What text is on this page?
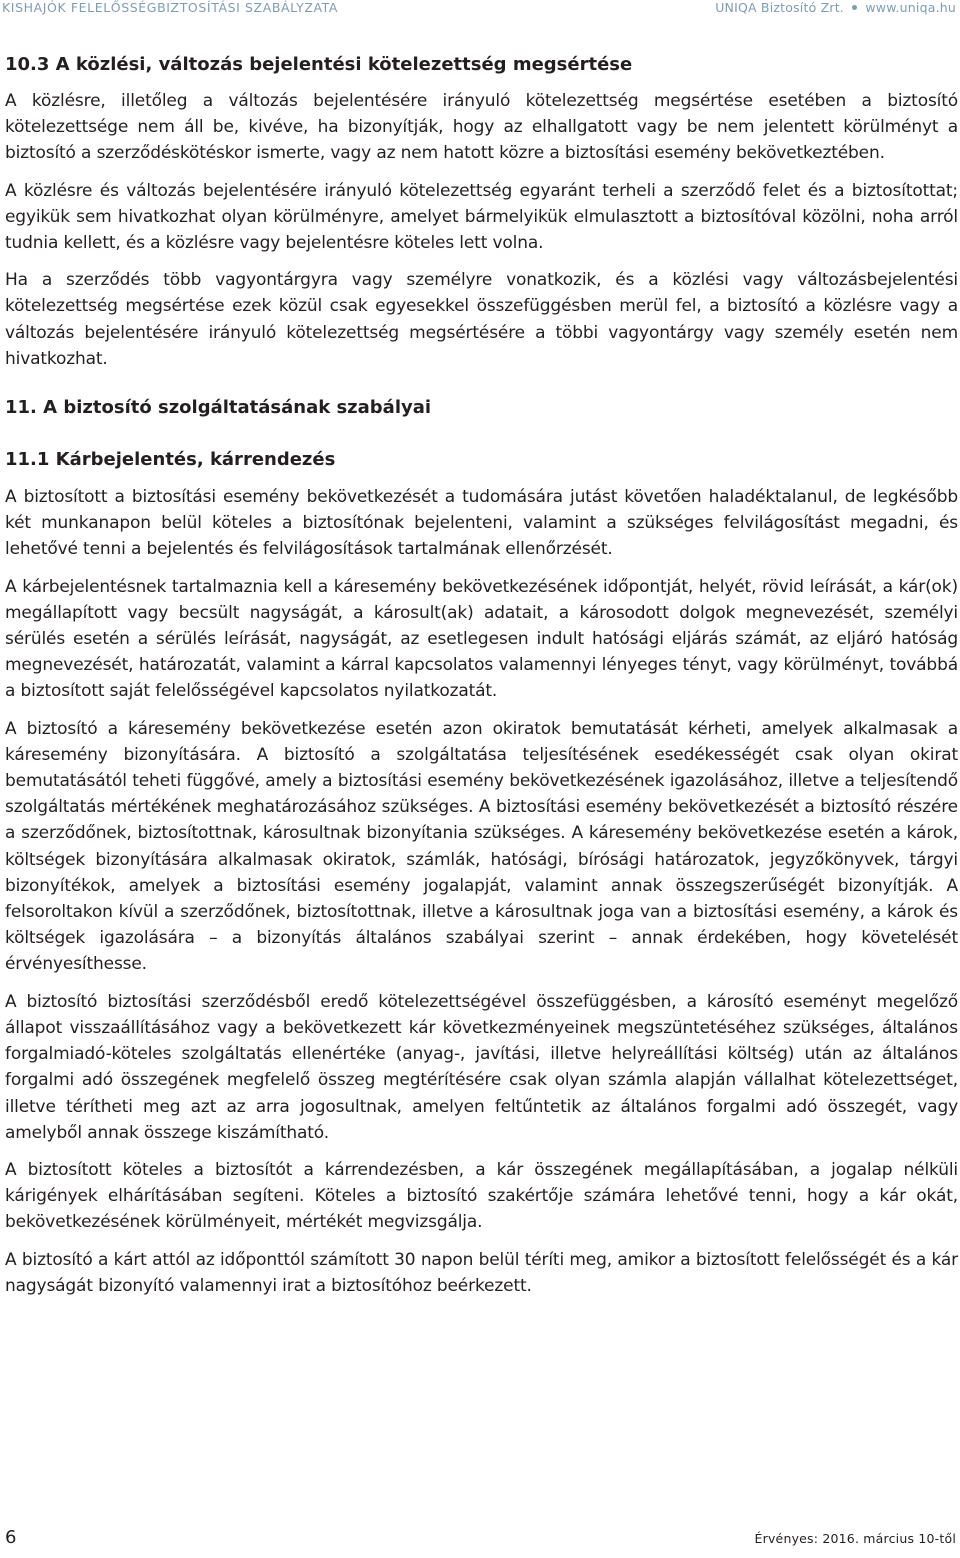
KISHAJÓK FELELŐSSÉGBIZTOSÍTÁSI SZABÁLYZATA	UNIQA Biztosító Zrt. www.uniqa.hu
10.3 A közlési, változás bejelentési kötelezettség megsértése

A közlésre, illetőleg a változás bejelentésére irányuló kötelezettség megsértése esetében a biztosító kötelezettsége nem áll be, kivéve, ha bizonyítják, hogy az elhallgatott vagy be nem jelentett körülményt a biztosító a szerződéskötéskor ismerte, vagy az nem hatott közre a biztosítási esemény bekövetkeztében.

A közlésre és változás bejelentésére irányuló kötelezettség egyaránt terheli a szerződő felet és a biztosítottat; egyikük sem hivatkozhat olyan körülményre, amelyet bármelyikük elmulasztott a biztosítóval közölni, noha arról tudnia kellett, és a közlésre vagy bejelentésre köteles lett volna.

Ha a szerződés több vagyontárgyra vagy személyre vonatkozik, és a közlési vagy változásbejelentési kötelezettség megsértése ezek közül csak egyesekkel összefüggésben merül fel, a biztosító a közlésre vagy a változás bejelentésére irányuló kötelezettség megsértésére a többi vagyontárgy vagy személy esetén nem hivatkozhat.

11. A biztosító szolgáltatásának szabályai
11.1 Kárbejelentés, kárrendezés

A biztosított a biztosítási esemény bekövetkezését a tudomására jutást követően haladéktalanul, de legkésőbb két munkanapon belül köteles a biztosítónak bejelenteni, valamint a szükséges felvilágosítást megadni, és lehetővé tenni a bejelentés és felvilágosítások tartalmának ellenőrzését.

A kárbejelentésnek tartalmaznia kell a káresemény bekövetkezésének időpontját, helyét, rövid leírását, a kár(ok) megállapított vagy becsült nagyságát, a károsult(ak) adatait, a károsodott dolgok megnevezését, személyi sérülés esetén a sérülés leírását, nagyságát, az esetlegesen indult hatósági eljárás számát, az eljáró hatóság megnevezését, határozatát, valamint a kárral kapcsolatos valamennyi lényeges tényt, vagy körülményt, továbbá a biztosított saját felelősségével kapcsolatos nyilatkozatát.

A biztosító a káresemény bekövetkezése esetén azon okiratok bemutatását kérheti, amelyek alkalmasak a káresemény bizonyítására. A biztosító a szolgáltatása teljesítésének esedékességét csak olyan okirat bemutatásától teheti függővé, amely a biztosítási esemény bekövetkezésének igazolásához, illetve a teljesítendő szolgáltatás mértékének meghatározásához szükséges. A biztosítási esemény bekövetkezését a biztosító részére a szerződőnek, biztosítottnak, károsultnak bizonyítania szükséges. A káresemény bekövetkezése esetén a károk, költségek bizonyítására alkalmasak okiratok, számlák, hatósági, bírósági határozatok, jegyzőkönyvek, tárgyi bizonyítékok, amelyek a biztosítási esemény jogalapját, valamint annak összegszerűségét bizonyítják. A felsoroltakon kívül a szerződőnek, biztosítottnak, illetve a károsultnak joga van a biztosítási esemény, a károk és költségek igazolására – a bizonyítás általános szabályai szerint – annak érdekében, hogy követelését érvényesíthesse.

A biztosító biztosítási szerződésből eredő kötelezettségével összefüggésben, a károsító eseményt megelőző állapot visszaállításához vagy a bekövetkezett kár következményeinek megszüntetéséhez szükséges, általános forgalmiadó-köteles szolgáltatás ellenértéke (anyag-, javítási, illetve helyreállítási költség) után az általános forgalmi adó összegének megfelelő összeg megtérítésére csak olyan számla alapján vállalhat kötelezettséget, illetve térítheti meg azt az arra jogosultnak, amelyen feltűntetik az általános forgalmi adó összegét, vagy amelyből annak összege kiszámítható.

A biztosított köteles a biztosítót a kárrendezésben, a kár összegének megállapításában, a jogalap nélküli kárigények elhárításában segíteni. Köteles a biztosító szakértője számára lehetővé tenni, hogy a kár okát, bekövetkezésének körülményeit, mértékét megvizsgálja.

A biztosító a kárt attól az időponttól számított 30 napon belül téríti meg, amikor a biztosított felelősségét és a kár nagyságát bizonyító valamennyi irat a biztosítóhoz beérkezett.

6	Érvényes: 2016. március 10-től
